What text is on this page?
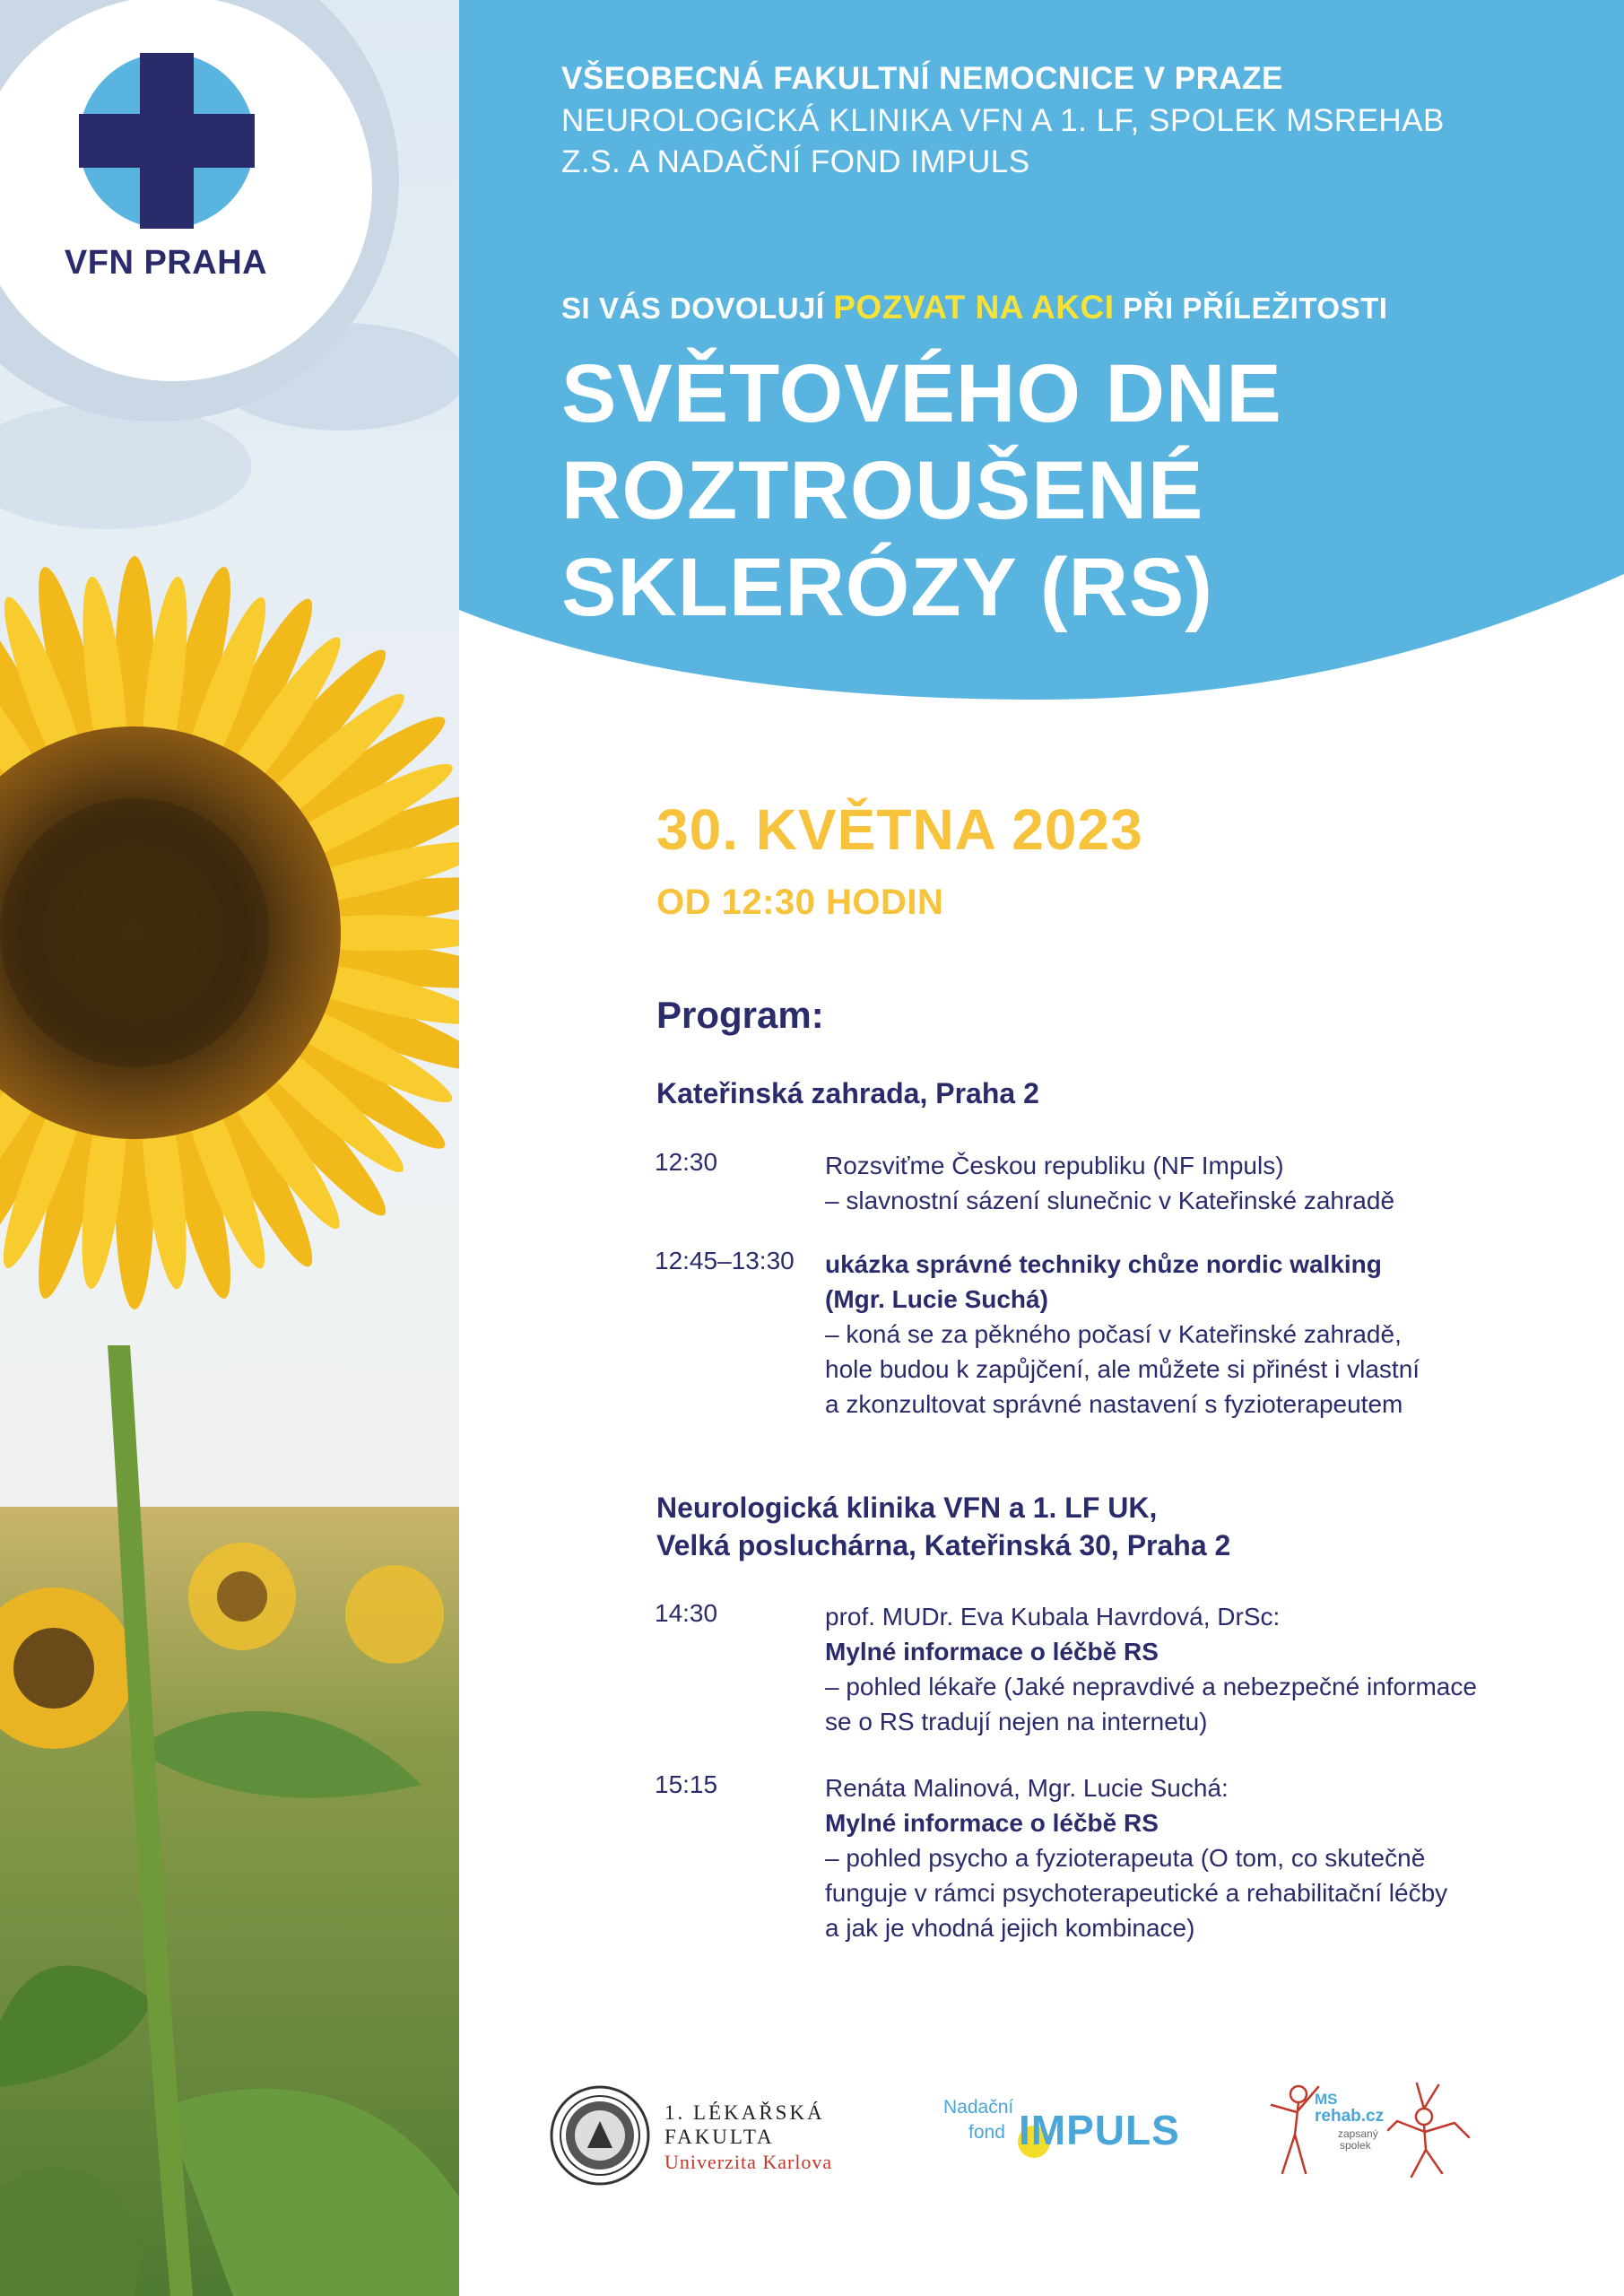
VFN PRAHA
VŠEOBECNÁ FAKULTNÍ NEMOCNICE V PRAZE
NEUROLOGICKÁ KLINIKA VFN A 1. LF, SPOLEK MSREHAB
Z.S. A NADAČNÍ FOND IMPULS
SI VÁS DOVOLUJÍ POZVAT NA AKCI PŘI PŘÍLEŽITOSTI
SVĚTOVÉHO DNE
ROZTROUŠENÉ
SKLERÓZY (RS)
30. KVĚTNA 2023
OD 12:30 HODIN
Program:
Kateřinská zahrada, Praha 2
12:30	Rozsviťme Českou republiku (NF Impuls)
– slavnostní sázení slunečnic v Kateřinské zahradě
12:45–13:30 ukázka správné techniky chůze nordic walking
(Mgr. Lucie Suchá)
– koná se za pěkného počasí v Kateřinské zahradě,
hole budou k zapůjčení, ale můžete si přinést i vlastní
a zkonzultovat správné nastavení s fyzioterapeutem
Neurologická klinika VFN a 1. LF UK,
Velká posluchárna, Kateřinská 30, Praha 2
14:30	prof. MUDr. Eva Kubala Havrdová, DrSc:
Mylné informace o léčbě RS
– pohled lékaře (Jaké nepravdivé a nebezpečné informace
se o RS tradují nejen na internetu)
15:15	Renáta Malinová, Mgr. Lucie Suchá:
Mylné informace o léčbě RS
– pohled psycho a fyzioterapeuta (O tom, co skutečně
funguje v rámci psychoterapeutické a rehabilitační léčby
a jak je vhodná jejich kombinace)
1. LÉKAŘSKÁ
FAKULTA
Univerzita Karlova
Nadační
fond IMPULS
MS
rehab.cz
zapsaný
spolek
